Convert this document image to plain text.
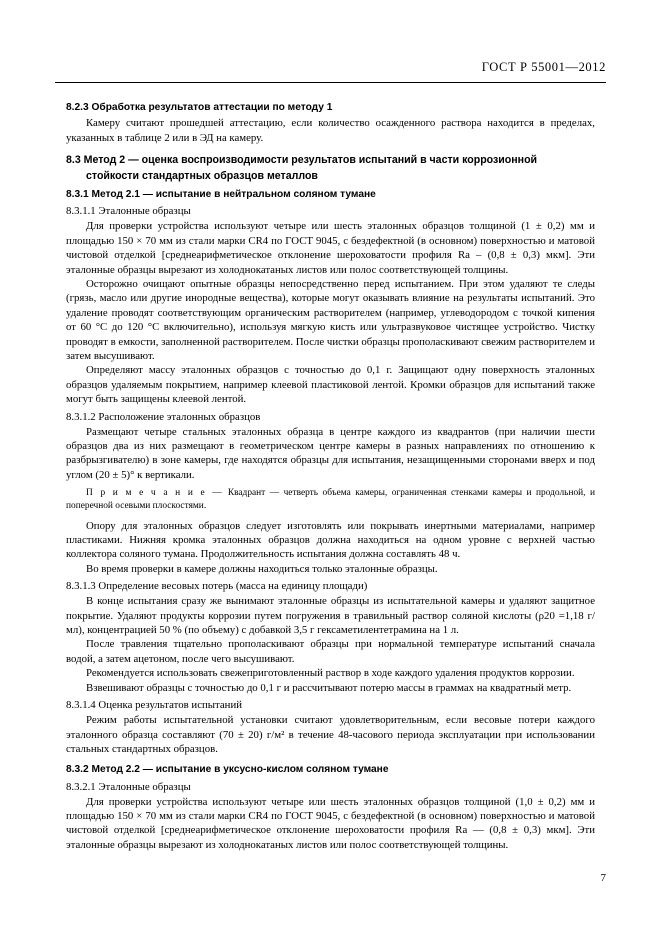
ГОСТ Р 55001—2012
8.2.3 Обработка результатов аттестации по методу 1

Камеру считают прошедшей аттестацию, если количество осажденного раствора находится в пределах, указанных в таблице 2 или в ЭД на камеру.

8.3 Метод 2 — оценка воспроизводимости результатов испытаний в части коррозионной
стойкости стандартных образцов металлов
8.3.1 Метод 2.1 — испытание в нейтральном соляном тумане
8.3.1.1 Эталонные образцы

Для проверки устройства используют четыре или шесть эталонных образцов толщиной (1 ± 0,2) мм и площадью 150 × 70 мм из стали марки CR4 по ГОСТ 9045, с бездефектной (в основном) поверхностью и матовой чистовой отделкой [среднеарифметическое отклонение шероховатости профиля Ra – (0,8 ± 0,3) мкм]. Эти эталонные образцы вырезают из холоднокатаных листов или полос соответствующей толщины.

Осторожно очищают опытные образцы непосредственно перед испытанием. При этом удаляют те следы (грязь, масло или другие инородные вещества), которые могут оказывать влияние на результаты испытаний. Это удаление проводят соответствующим органическим растворителем (например, углеводородом с точкой кипения от 60 °С до 120 °С включительно), используя мягкую кисть или ультразвуковое чистящее устройство. Чистку проводят в емкости, заполненной растворителем. После чистки образцы прополаскивают свежим растворителем и затем высушивают.

Определяют массу эталонных образцов с точностью до 0,1 г. Защищают одну поверхность эталонных образцов удаляемым покрытием, например клеевой пластиковой лентой. Кромки образцов для испытаний также могут быть защищены клеевой лентой.

8.3.1.2 Расположение эталонных образцов

Размещают четыре стальных эталонных образца в центре каждого из квадрантов (при наличии шести образцов два из них размещают в геометрическом центре камеры в разных направлениях по отношению к разбрызгивателю) в зоне камеры, где находятся образцы для испытания, незащищенными сторонами вверх и под углом (20 ± 5)° к вертикали.

П р и м е ч а н и е — Квадрант — четверть объема камеры, ограниченная стенками камеры и продольной, и поперечной осевыми плоскостями.

Опору для эталонных образцов следует изготовлять или покрывать инертными материалами, например пластиками. Нижняя кромка эталонных образцов должна находиться на одном уровне с верхней частью коллектора соляного тумана. Продолжительность испытания должна составлять 48 ч.

Во время проверки в камере должны находиться только эталонные образцы.

8.3.1.3 Определение весовых потерь (масса на единицу площади)

В конце испытания сразу же вынимают эталонные образцы из испытательной камеры и удаляют защитное покрытие. Удаляют продукты коррозии путем погружения в травильный раствор соляной кислоты (ρ20 =1,18 г/мл), концентрацией 50 % (по объему) с добавкой 3,5 г гексаметилентетрамина на 1 л.

После травления тщательно прополаскивают образцы при нормальной температуре испытаний сначала водой, а затем ацетоном, после чего высушивают.

Рекомендуется использовать свежеприготовленный раствор в ходе каждого удаления продуктов коррозии.

Взвешивают образцы с точностью до 0,1 г и рассчитывают потерю массы в граммах на квадратный метр.

8.3.1.4 Оценка результатов испытаний

Режим работы испытательной установки считают удовлетворительным, если весовые потери каждого эталонного образца составляют (70 ± 20) г/м² в течение 48-часового периода эксплуатации при использовании стальных стандартных образцов.

8.3.2 Метод 2.2 — испытание в уксусно-кислом соляном тумане
8.3.2.1 Эталонные образцы

Для проверки устройства используют четыре или шесть эталонных образцов толщиной (1,0 ± 0,2) мм и площадью 150 × 70 мм из стали марки CR4 по ГОСТ 9045, с бездефектной (в основном) поверхностью и матовой чистовой отделкой [среднеарифметическое отклонение шероховатости профиля Ra — (0,8 ± 0,3) мкм]. Эти эталонные образцы вырезают из холоднокатаных листов или полос соответствующей толщины.

7
